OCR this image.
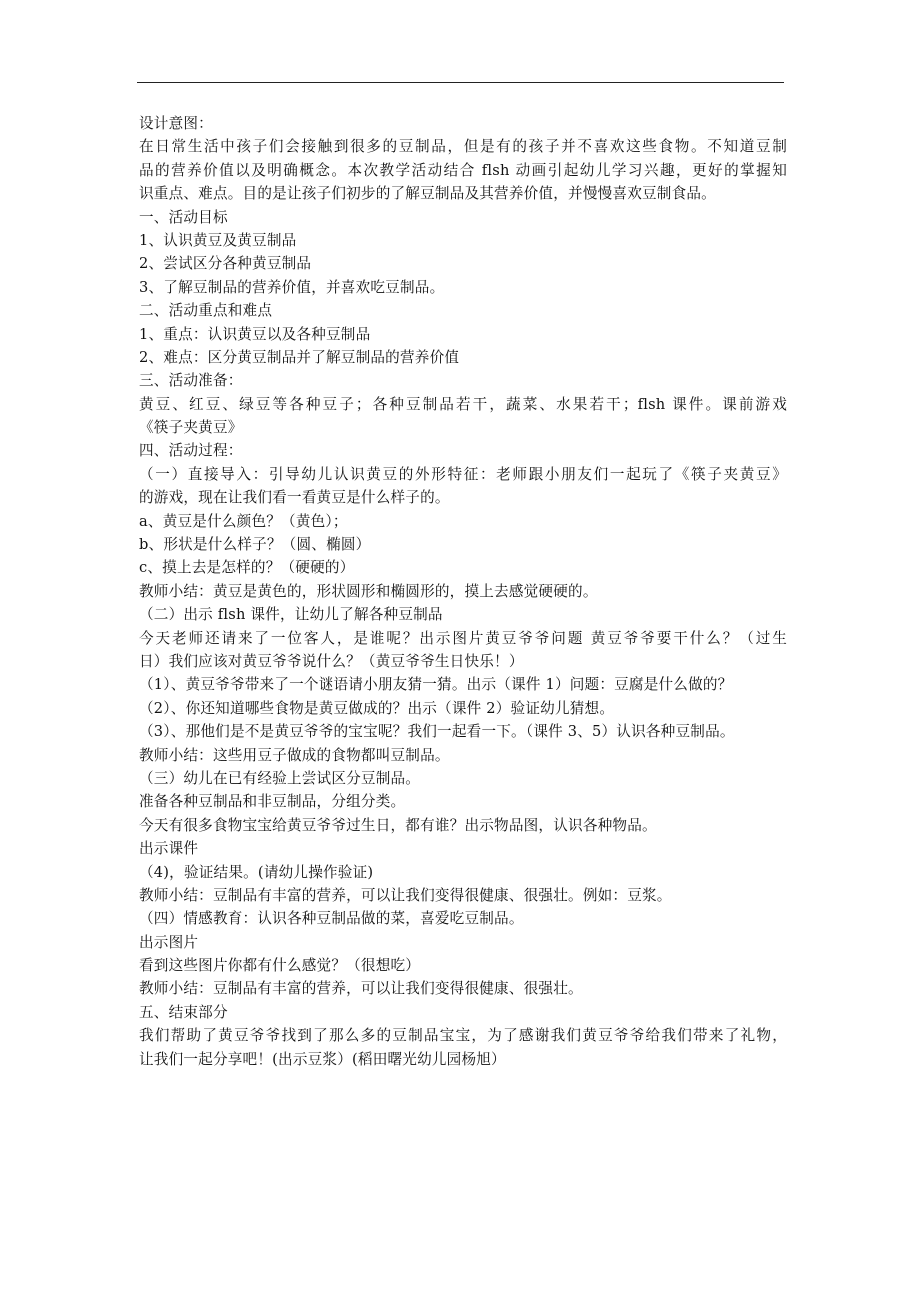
设计意图：
在日常生活中孩子们会接触到很多的豆制品，但是有的孩子并不喜欢这些食物。不知道豆制
品的营养价值以及明确概念。本次教学活动结合 flsh 动画引起幼儿学习兴趣，更好的掌握知
识重点、难点。目的是让孩子们初步的了解豆制品及其营养价值，并慢慢喜欢豆制食品。
一、活动目标
1、认识黄豆及黄豆制品
2、尝试区分各种黄豆制品
3、了解豆制品的营养价值，并喜欢吃豆制品。
二、活动重点和难点
1、重点：认识黄豆以及各种豆制品
2、难点：区分黄豆制品并了解豆制品的营养价值
三、活动准备：
黄豆、红豆、绿豆等各种豆子；各种豆制品若干，蔬菜、水果若干；flsh 课件。课前游戏
《筷子夹黄豆》
四、活动过程：
（一）直接导入：引导幼儿认识黄豆的外形特征：老师跟小朋友们一起玩了《筷子夹黄豆》
的游戏，现在让我们看一看黄豆是什么样子的。
a、黄豆是什么颜色？（黄色）；
b、形状是什么样子？（圆、椭圆）
c、摸上去是怎样的？（硬硬的）
教师小结：黄豆是黄色的，形状圆形和椭圆形的，摸上去感觉硬硬的。
（二）出示 flsh 课件，让幼儿了解各种豆制品
今天老师还请来了一位客人，是谁呢？出示图片黄豆爷爷问题 黄豆爷爷要干什么？（过生
日）我们应该对黄豆爷爷说什么？（黄豆爷爷生日快乐！）
（1）、黄豆爷爷带来了一个谜语请小朋友猜一猜。出示（课件 1）问题：豆腐是什么做的？
（2）、你还知道哪些食物是黄豆做成的？出示（课件 2）验证幼儿猜想。
（3）、那他们是不是黄豆爷爷的宝宝呢？我们一起看一下。（课件 3、5）认识各种豆制品。
教师小结：这些用豆子做成的食物都叫豆制品。
（三）幼儿在已有经验上尝试区分豆制品。
准备各种豆制品和非豆制品，分组分类。
今天有很多食物宝宝给黄豆爷爷过生日，都有谁？出示物品图，认识各种物品。
出示课件
（4)，验证结果。(请幼儿操作验证)
教师小结：豆制品有丰富的营养，可以让我们变得很健康、很强壮。例如：豆浆。
（四）情感教育：认识各种豆制品做的菜，喜爱吃豆制品。
出示图片
看到这些图片你都有什么感觉？（很想吃）
教师小结：豆制品有丰富的营养，可以让我们变得很健康、很强壮。
五、结束部分
我们帮助了黄豆爷爷找到了那么多的豆制品宝宝，为了感谢我们黄豆爷爷给我们带来了礼物，
让我们一起分享吧！(出示豆浆）(稻田曙光幼儿园杨旭）
